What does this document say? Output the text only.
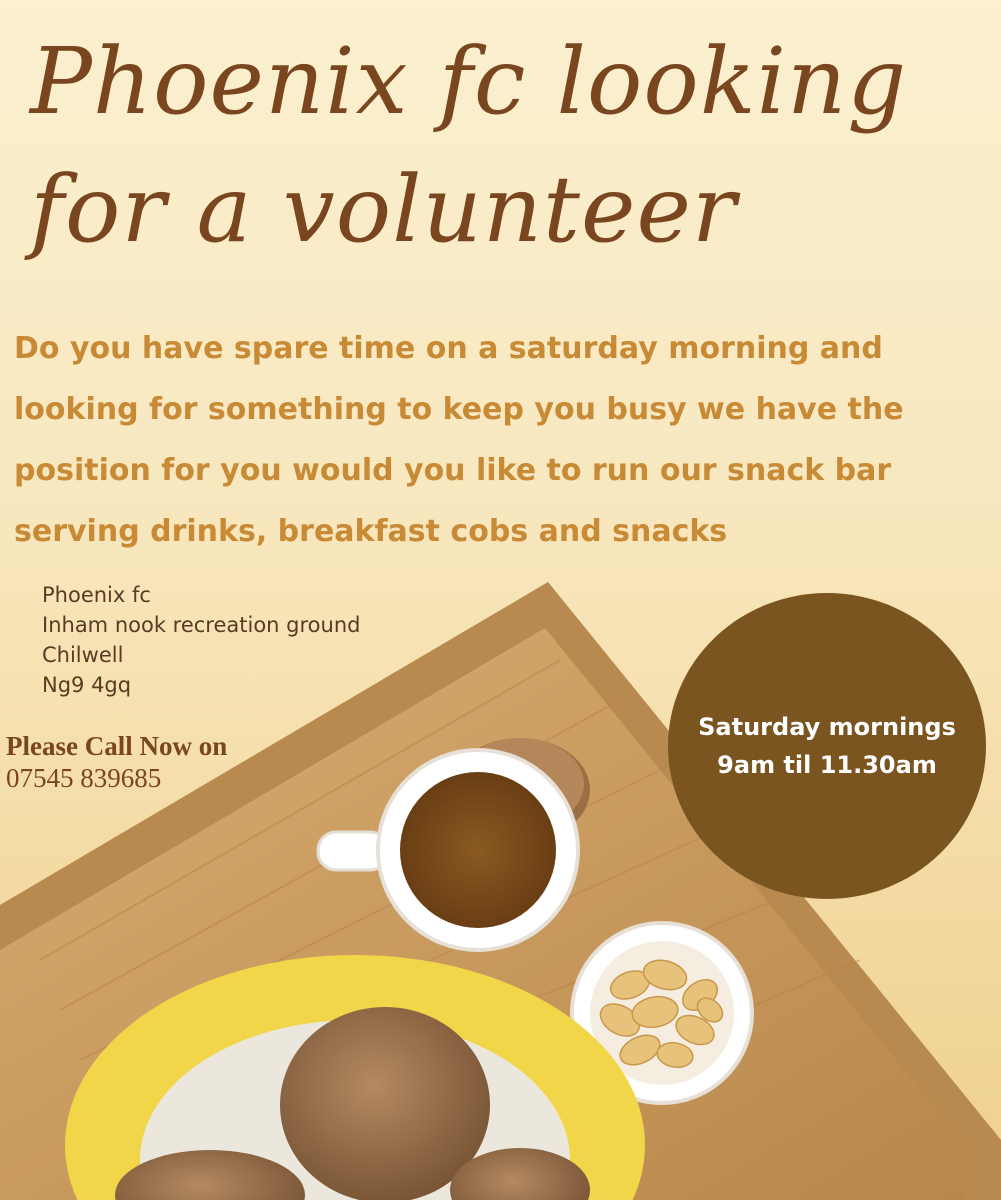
Phoenix fc looking
for a volunteer
Do you have spare time on a saturday morning and
looking for something to keep you busy we have the
position for you would you like to run our snack bar
serving drinks, breakfast cobs and snacks
Phoenix fc
Inham nook recreation ground
Chilwell
Ng9 4gq
Please Call Now on
07545 839685
Saturday mornings
9am til 11.30am
